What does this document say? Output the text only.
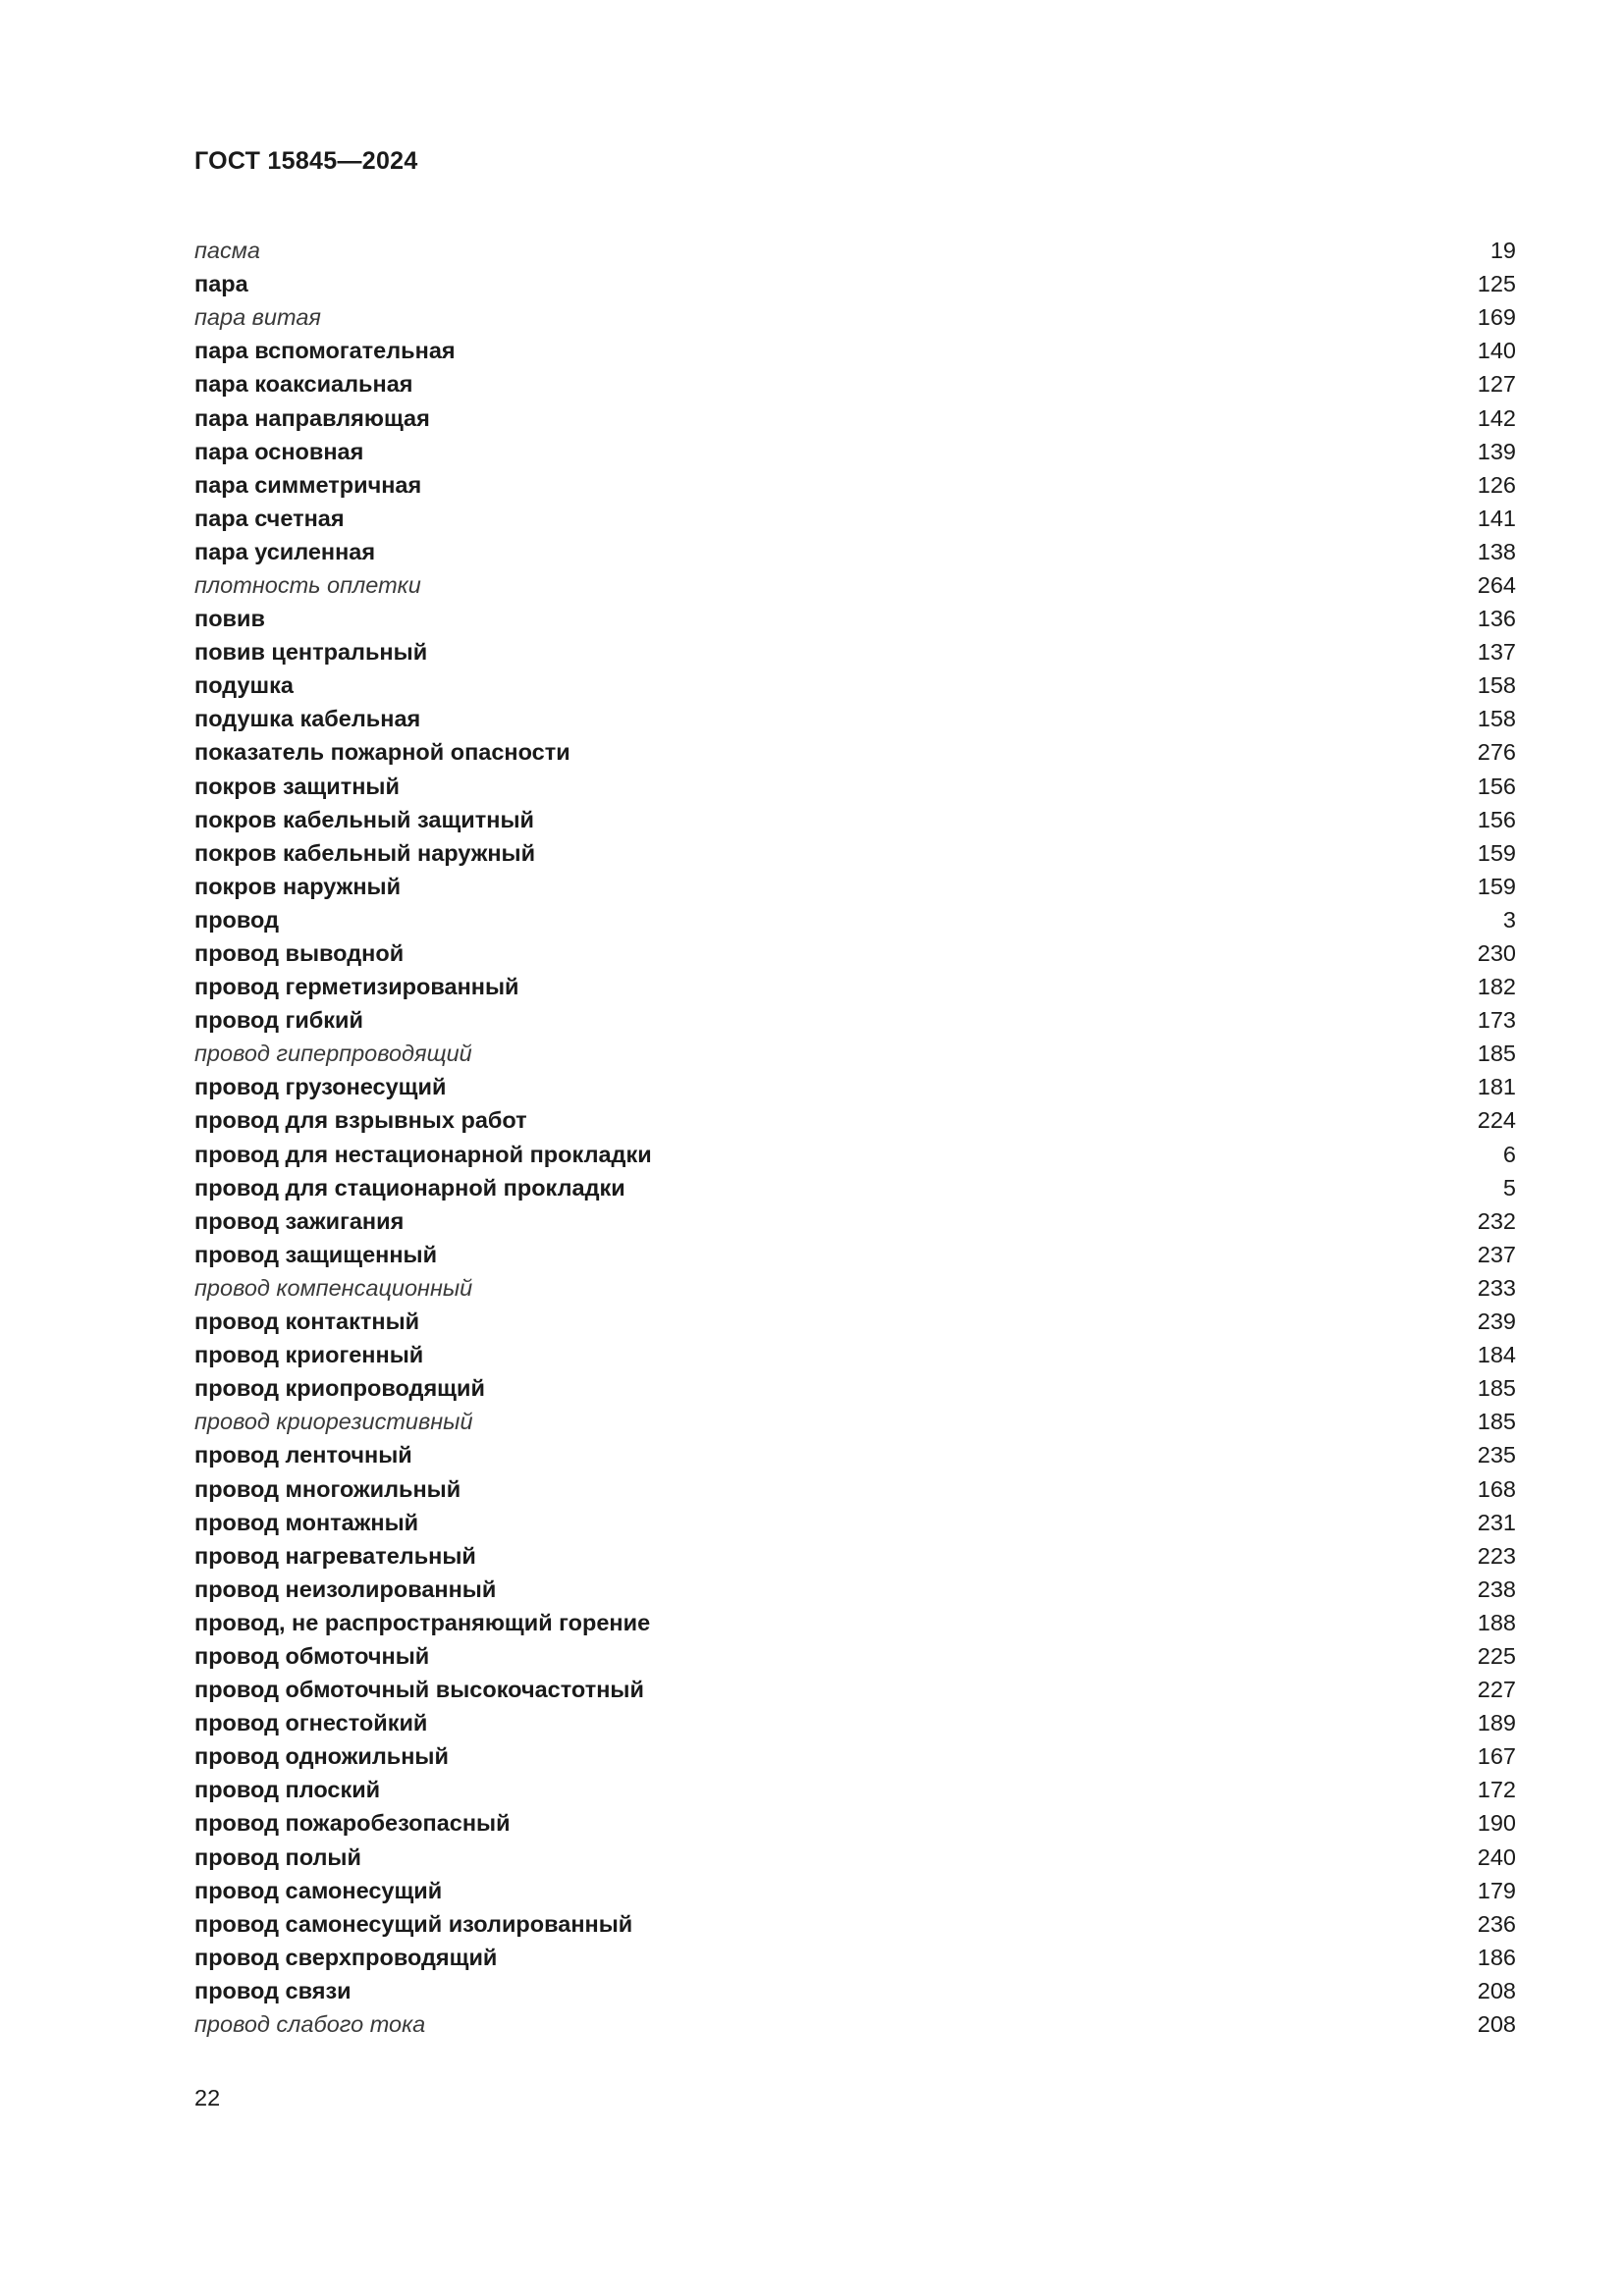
ГОСТ 15845—2024
пасма	19
пара	125
пара витая	169
пара вспомогательная	140
пара коаксиальная	127
пара направляющая	142
пара основная	139
пара симметричная	126
пара счетная	141
пара усиленная	138
плотность оплетки	264
повив	136
повив центральный	137
подушка	158
подушка кабельная	158
показатель пожарной опасности	276
покров защитный	156
покров кабельный защитный	156
покров кабельный наружный	159
покров наружный	159
провод	3
провод выводной	230
провод герметизированный	182
провод гибкий	173
провод гиперпроводящий	185
провод грузонесущий	181
провод для взрывных работ	224
провод для нестационарной прокладки	6
провод для стационарной прокладки	5
провод зажигания	232
провод защищенный	237
провод компенсационный	233
провод контактный	239
провод криогенный	184
провод криопроводящий	185
провод криорезистивный	185
провод ленточный	235
провод многожильный	168
провод монтажный	231
провод нагревательный	223
провод неизолированный	238
провод, не распространяющий горение	188
провод обмоточный	225
провод обмоточный высокочастотный	227
провод огнестойкий	189
провод одножильный	167
провод плоский	172
провод пожаробезопасный	190
провод полый	240
провод самонесущий	179
провод самонесущий изолированный	236
провод сверхпроводящий	186
провод связи	208
провод слабого тока	208
22
